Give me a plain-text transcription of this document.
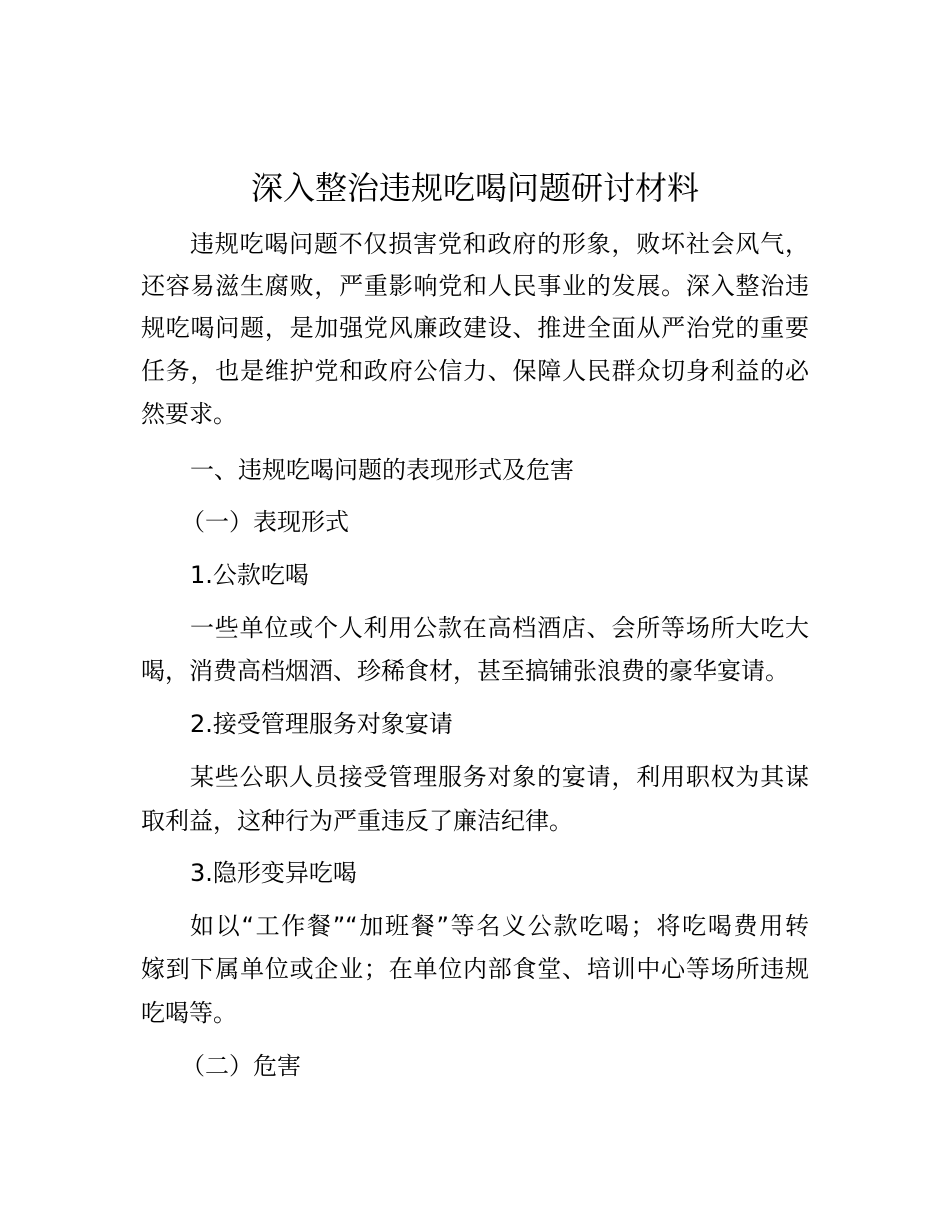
深入整治违规吃喝问题研讨材料
违规吃喝问题不仅损害党和政府的形象，败坏社会风气，
还容易滋生腐败，严重影响党和人民事业的发展。深入整治违
规吃喝问题，是加强党风廉政建设、推进全面从严治党的重要
任务，也是维护党和政府公信力、保障人民群众切身利益的必
然要求。
一、违规吃喝问题的表现形式及危害
（一）表现形式
1.公款吃喝
一些单位或个人利用公款在高档酒店、会所等场所大吃大
喝，消费高档烟酒、珍稀食材，甚至搞铺张浪费的豪华宴请。
2.接受管理服务对象宴请
某些公职人员接受管理服务对象的宴请，利用职权为其谋
取利益，这种行为严重违反了廉洁纪律。
3.隐形变异吃喝
如以“工作餐”“加班餐”等名义公款吃喝；将吃喝费用转
嫁到下属单位或企业；在单位内部食堂、培训中心等场所违规
吃喝等。
（二）危害
